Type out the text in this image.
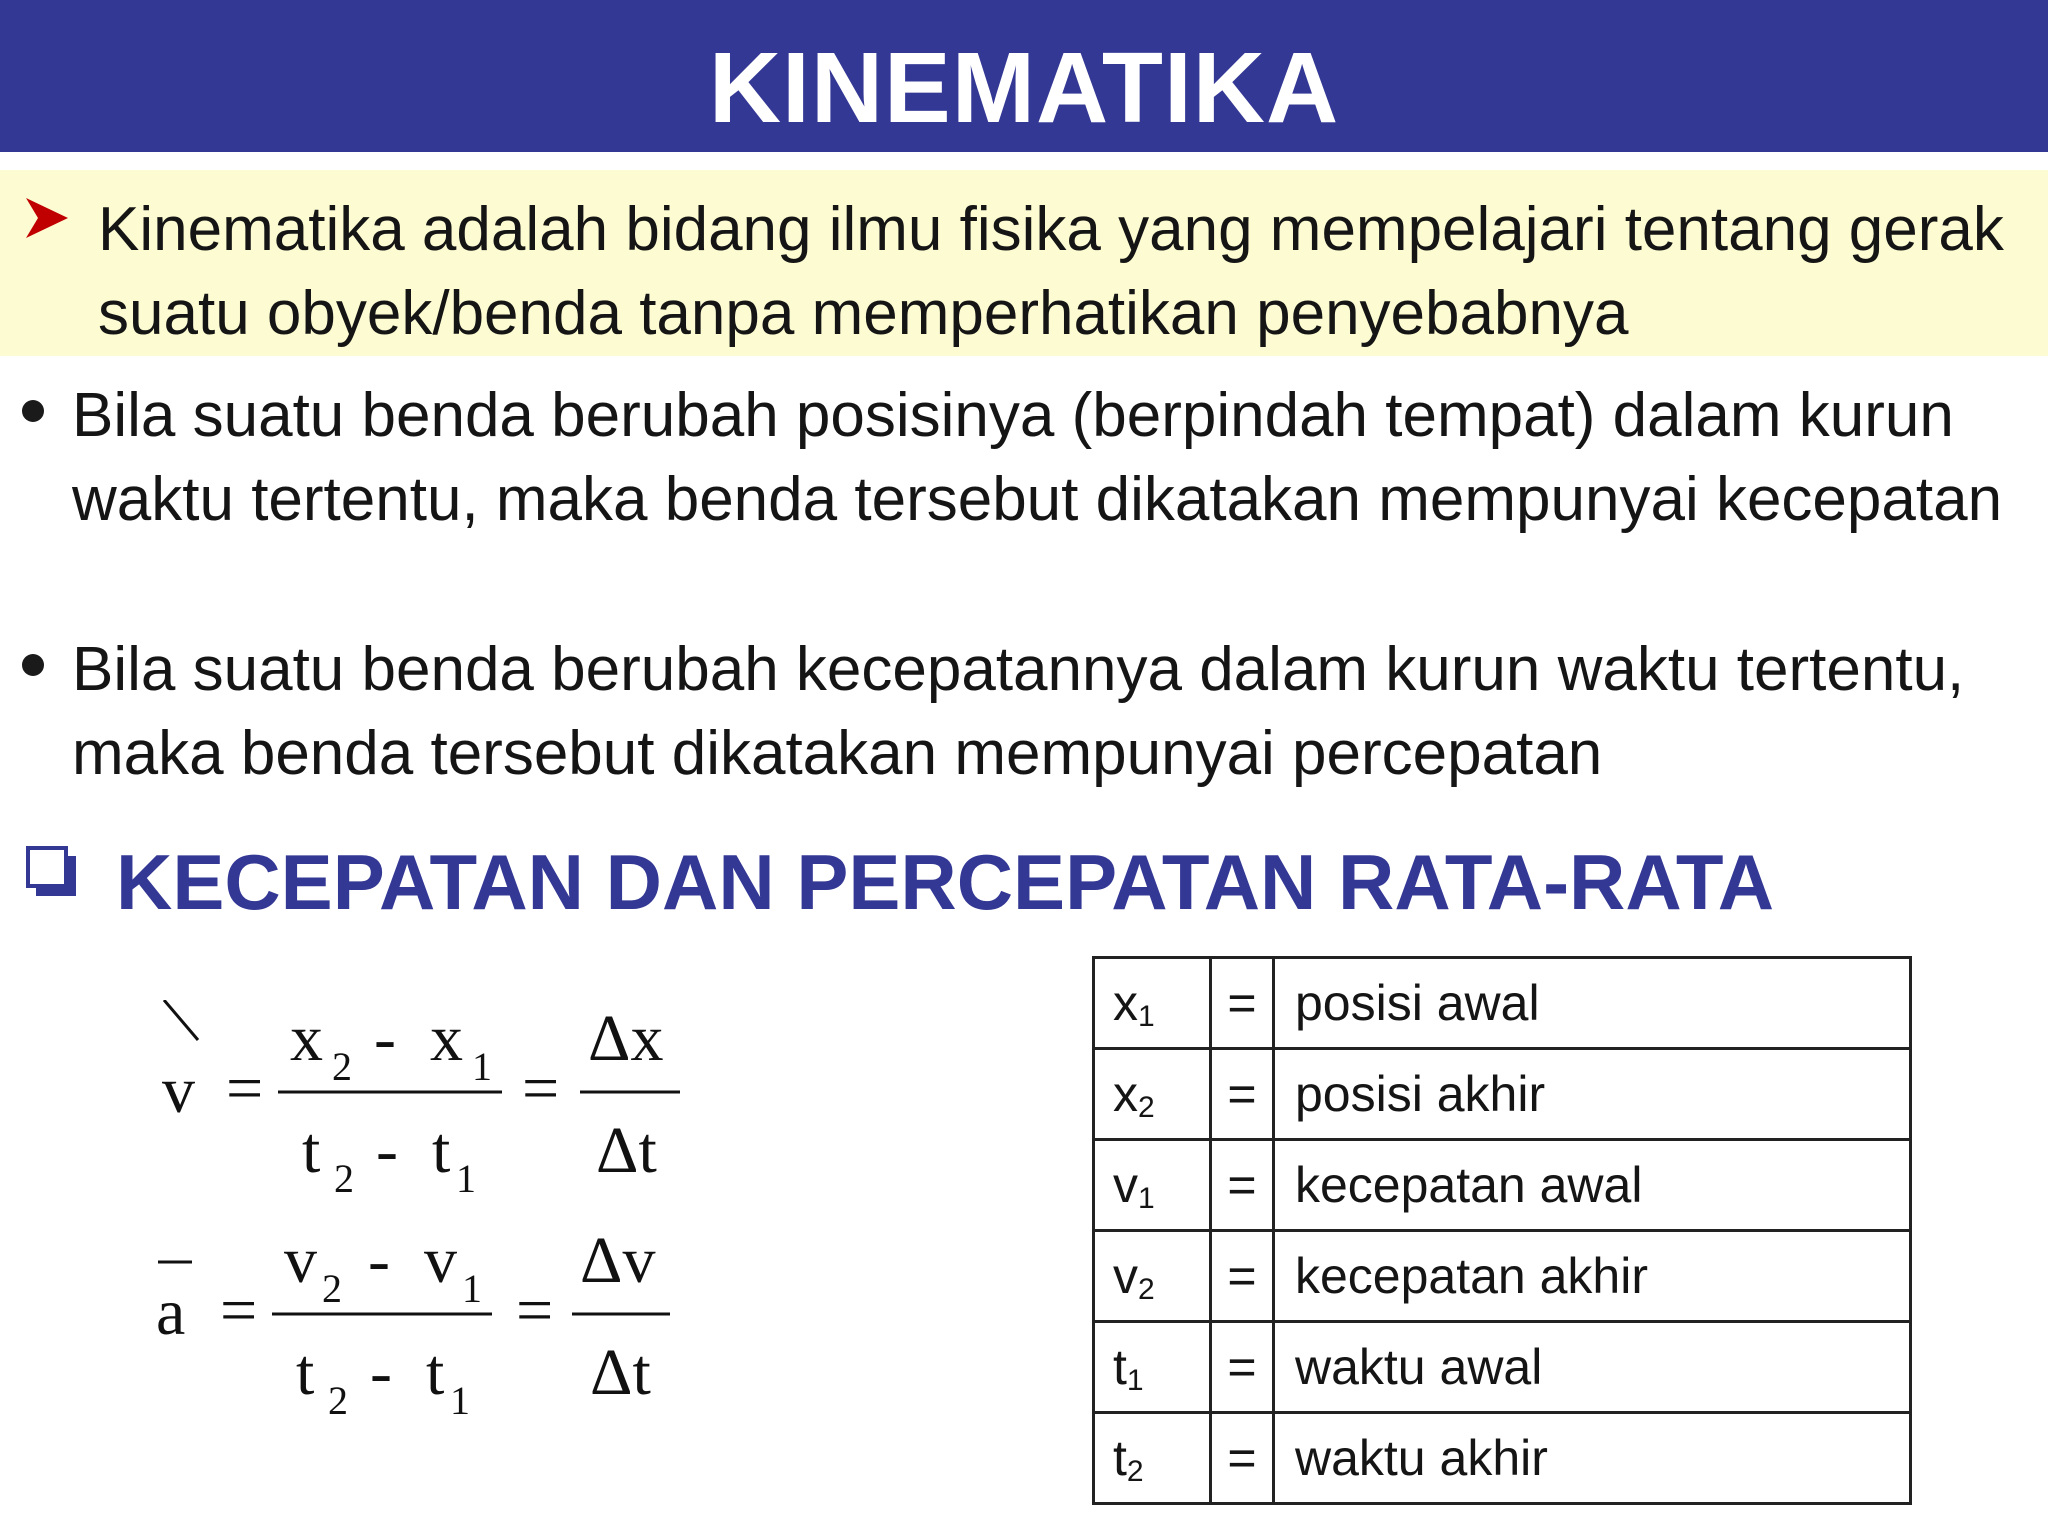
KINEMATIKA
Kinematika adalah bidang ilmu fisika yang mempelajari tentang gerak suatu obyek/benda tanpa memperhatikan penyebabnya
Bila suatu benda berubah posisinya (berpindah tempat) dalam kurun waktu tertentu, maka benda tersebut dikatakan mempunyai kecepatan
Bila suatu benda berubah kecepatannya dalam kurun waktu tertentu, maka benda tersebut dikatakan mempunyai percepatan
KECEPATAN DAN PERCEPATAN RATA-RATA
v =
x 2 - x 1
t 2 - t 1
=
Δx
Δt
a =
v 2 - v 1
t 2 - t 1
=
Δv
Δt
$x_1$	=	posisi awal
$x_2$	=	posisi akhir
$v_1$	=	kecepatan awal
$v_2$	=	kecepatan akhir
$t_1$	=	waktu awal
$t_2$	=	waktu akhir
